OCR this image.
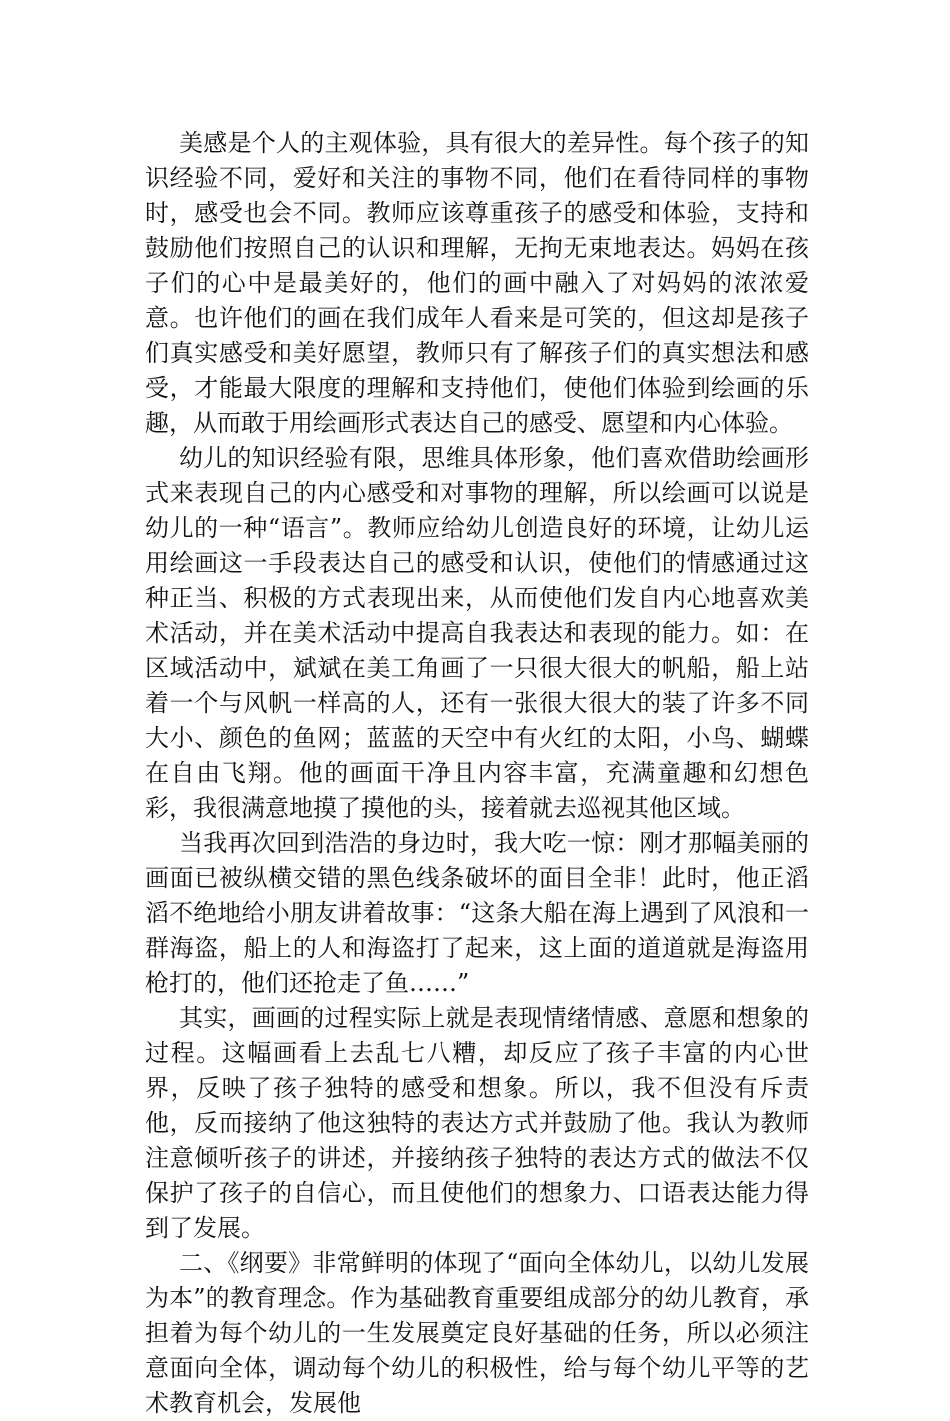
美感是个人的主观体验，具有很大的差异性。每个孩子的知识经验不同，爱好和关注的事物不同，他们在看待同样的事物时，感受也会不同。教师应该尊重孩子的感受和体验，支持和鼓励他们按照自己的认识和理解，无拘无束地表达。妈妈在孩子们的心中是最美好的，他们的画中融入了对妈妈的浓浓爱意。也许他们的画在我们成年人看来是可笑的，但这却是孩子们真实感受和美好愿望，教师只有了解孩子们的真实想法和感受，才能最大限度的理解和支持他们，使他们体验到绘画的乐趣，从而敢于用绘画形式表达自己的感受、愿望和内心体验。

幼儿的知识经验有限，思维具体形象，他们喜欢借助绘画形式来表现自己的内心感受和对事物的理解，所以绘画可以说是幼儿的一种“语言”。教师应给幼儿创造良好的环境，让幼儿运用绘画这一手段表达自己的感受和认识，使他们的情感通过这种正当、积极的方式表现出来，从而使他们发自内心地喜欢美术活动，并在美术活动中提高自我表达和表现的能力。如：在区域活动中，斌斌在美工角画了一只很大很大的帆船，船上站着一个与风帆一样高的人，还有一张很大很大的装了许多不同大小、颜色的鱼网；蓝蓝的天空中有火红的太阳，小鸟、蝴蝶在自由飞翔。他的画面干净且内容丰富，充满童趣和幻想色彩，我很满意地摸了摸他的头，接着就去巡视其他区域。

当我再次回到浩浩的身边时，我大吃一惊：刚才那幅美丽的画面已被纵横交错的黑色线条破坏的面目全非！此时，他正滔滔不绝地给小朋友讲着故事：“这条大船在海上遇到了风浪和一群海盗，船上的人和海盗打了起来，这上面的道道就是海盗用枪打的，他们还抢走了鱼……”

其实，画画的过程实际上就是表现情绪情感、意愿和想象的过程。这幅画看上去乱七八糟，却反应了孩子丰富的内心世界，反映了孩子独特的感受和想象。所以，我不但没有斥责他，反而接纳了他这独特的表达方式并鼓励了他。我认为教师注意倾听孩子的讲述，并接纳孩子独特的表达方式的做法不仅保护了孩子的自信心，而且使他们的想象力、口语表达能力得到了发展。

二、《纲要》非常鲜明的体现了“面向全体幼儿，以幼儿发展为本”的教育理念。作为基础教育重要组成部分的幼儿教育，承担着为每个幼儿的一生发展奠定良好基础的任务，所以必须注意面向全体，调动每个幼儿的积极性，给与每个幼儿平等的艺术教育机会，发展他
